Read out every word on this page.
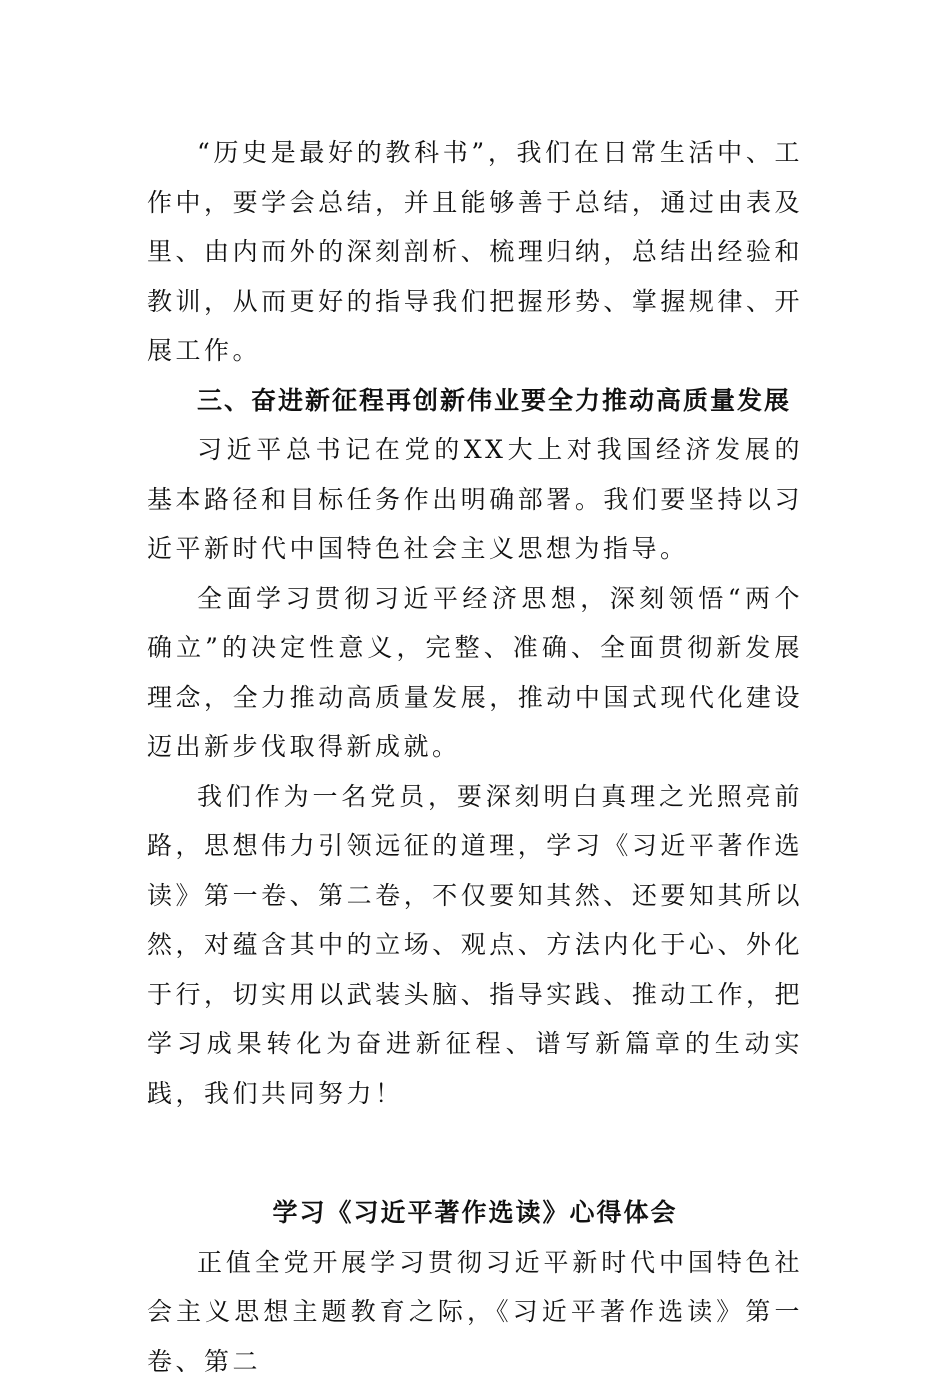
“历史是最好的教科书”，我们在日常生活中、工作中，要学会总结，并且能够善于总结，通过由表及里、由内而外的深刻剖析、梳理归纳，总结出经验和教训，从而更好的指导我们把握形势、掌握规律、开展工作。

三、奋进新征程再创新伟业要全力推动高质量发展

习近平总书记在党的XX大上对我国经济发展的基本路径和目标任务作出明确部署。我们要坚持以习近平新时代中国特色社会主义思想为指导。

全面学习贯彻习近平经济思想，深刻领悟“两个确立”的决定性意义，完整、准确、全面贯彻新发展理念，全力推动高质量发展，推动中国式现代化建设迈出新步伐取得新成就。

我们作为一名党员，要深刻明白真理之光照亮前路，思想伟力引领远征的道理，学习《习近平著作选读》第一卷、第二卷，不仅要知其然、还要知其所以然，对蕴含其中的立场、观点、方法内化于心、外化于行，切实用以武装头脑、指导实践、推动工作，把学习成果转化为奋进新征程、谱写新篇章的生动实践，我们共同努力！

学习《习近平著作选读》心得体会

正值全党开展学习贯彻习近平新时代中国特色社会主义思想主题教育之际，《习近平著作选读》第一卷、第二
